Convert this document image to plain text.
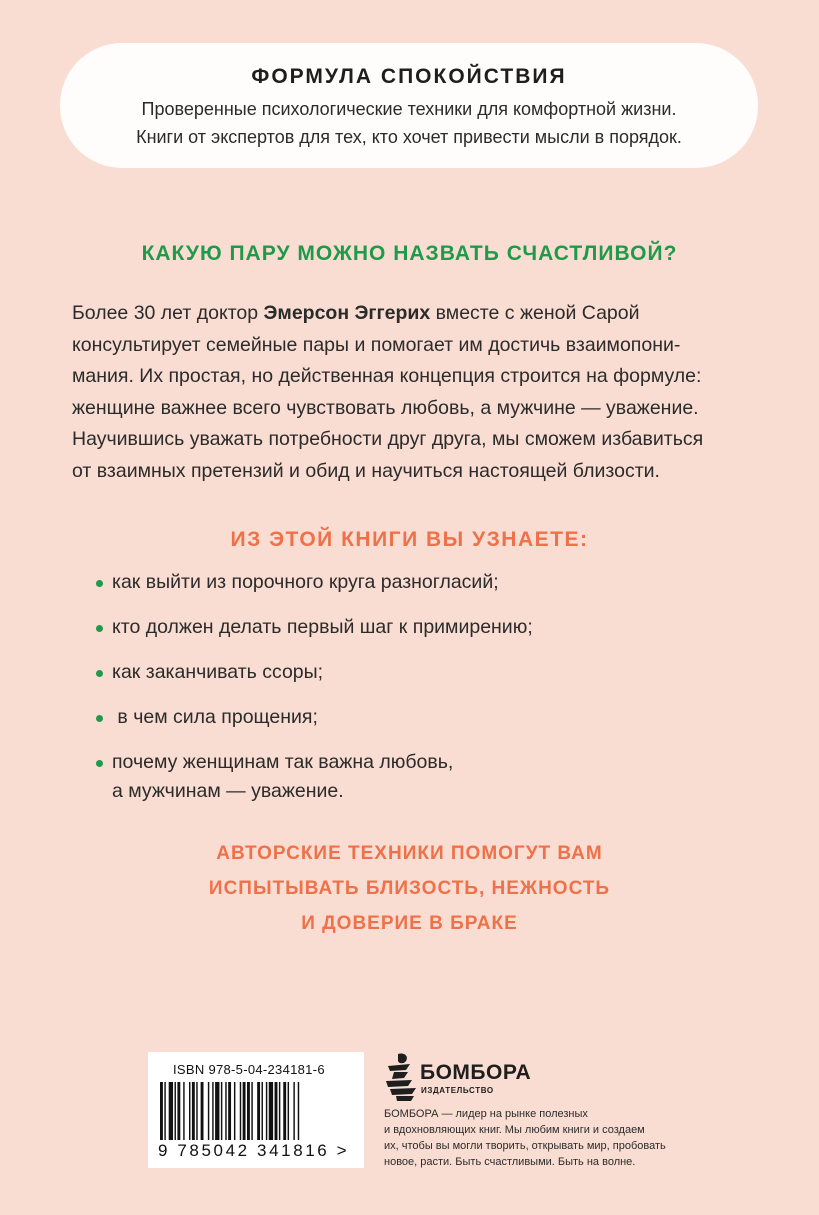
ФОРМУЛА СПОКОЙСТВИЯ
Проверенные психологические техники для комфортной жизни.
Книги от экспертов для тех, кто хочет привести мысли в порядок.
КАКУЮ ПАРУ МОЖНО НАЗВАТЬ СЧАСТЛИВОЙ?

Более 30 лет доктор Эмерсон Эггерих вместе с женой Сарой

консультирует семейные пары и помогает им достичь взаимопони-

мания. Их простая, но действенная концепция строится на формуле:

женщине важнее всего чувствовать любовь, а мужчине — уважение.

Научившись уважать потребности друг друга, мы сможем избавиться

от взаимных претензий и обид и научиться настоящей близости.

ИЗ ЭТОЙ КНИГИ ВЫ УЗНАЕТЕ:
как выйти из порочного круга разногласий;
кто должен делать первый шаг к примирению;
как заканчивать ссоры;
в чем сила прощения;
почему женщинам так важна любовь,
а мужчинам — уважение.
АВТОРСКИЕ ТЕХНИКИ ПОМОГУТ ВАМ
ИСПЫТЫВАТЬ БЛИЗОСТЬ, НЕЖНОСТЬ
И ДОВЕРИЕ В БРАКЕ
ISBN 978-5-04-234181-6
9 785042 341816 >
БОМБОРА
ИЗДАТЕЛЬСТВО
БОМБОРА — лидер на рынке полезных
и вдохновляющих книг. Мы любим книги и создаем
их, чтобы вы могли творить, открывать мир, пробовать
новое, расти. Быть счастливыми. Быть на волне.
